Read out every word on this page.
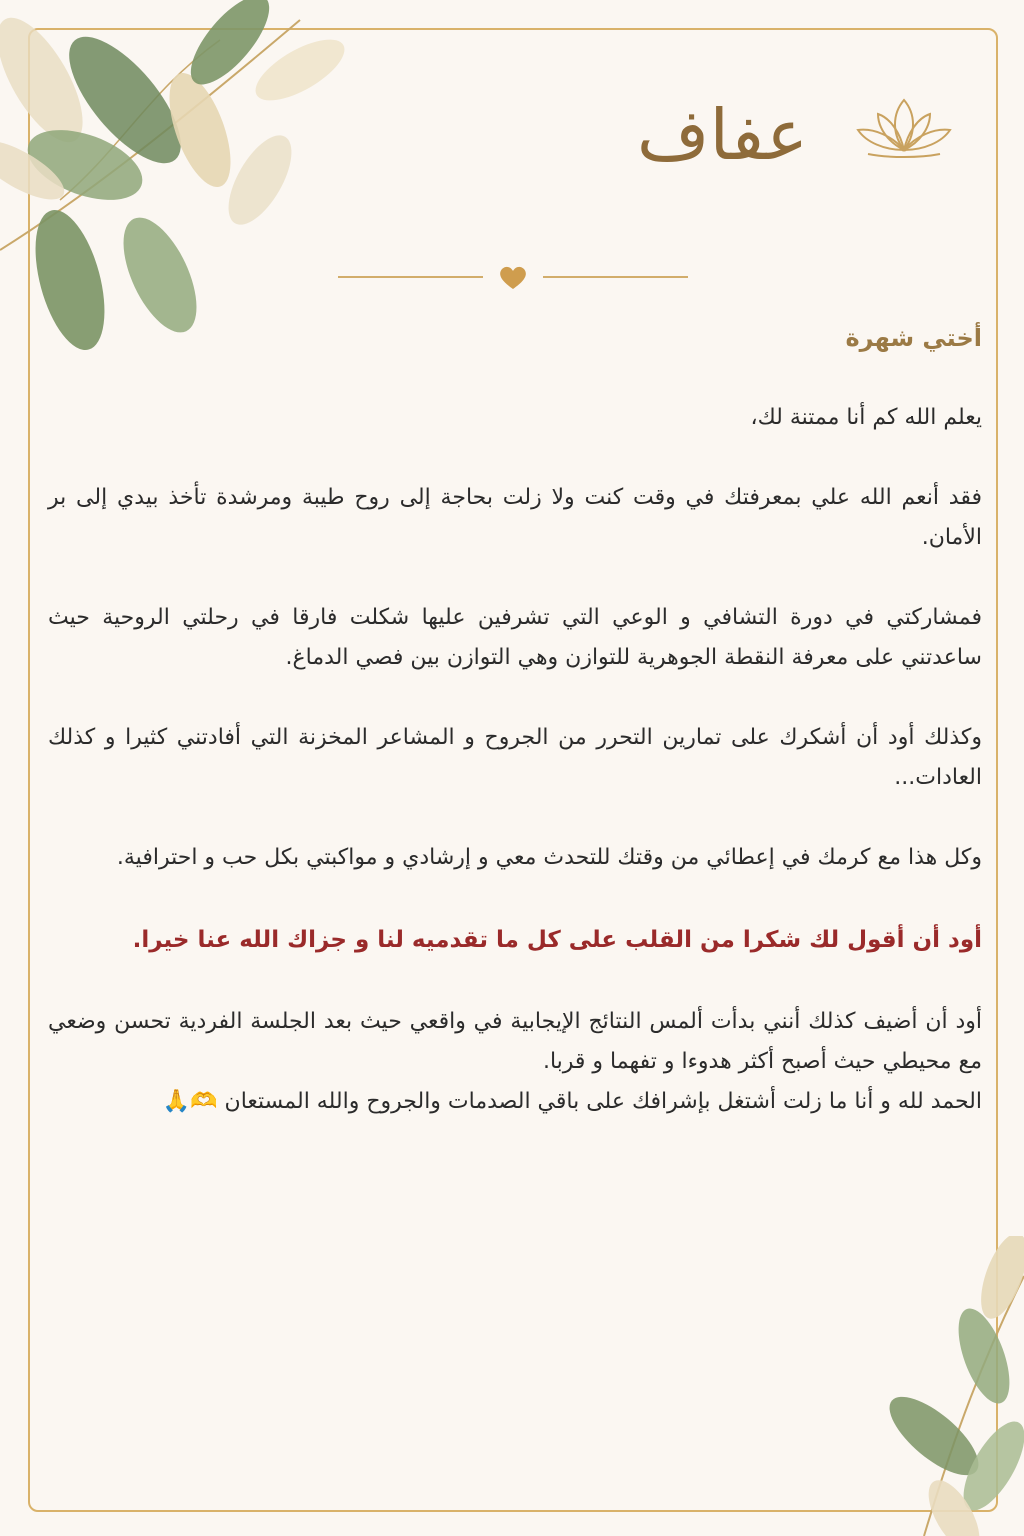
عفاف

أختي شهرة

يعلم الله كم أنا ممتنة لك،

فقد أنعم الله علي بمعرفتك في وقت كنت ولا زلت بحاجة إلى روح طيبة ومرشدة تأخذ بيدي إلى بر الأمان.

فمشاركتي في دورة التشافي و الوعي التي تشرفين عليها شكلت فارقا في رحلتي الروحية حيث ساعدتني على معرفة النقطة الجوهرية للتوازن وهي التوازن بين فصي الدماغ.

وكذلك أود أن أشكرك على تمارين التحرر من الجروح و المشاعر المخزنة التي أفادتني كثيرا و كذلك العادات...

وكل هذا مع كرمك في إعطائي من وقتك للتحدث معي و إرشادي و مواكبتي بكل حب و احترافية.

أود أن أقول لك شكرا من القلب على كل ما تقدميه لنا و جزاك الله عنا خيرا.

أود أن أضيف كذلك أنني بدأت ألمس النتائج الإيجابية في واقعي حيث بعد الجلسة الفردية تحسن وضعي مع محيطي حيث أصبح أكثر هدوءا و تفهما و قربا.

الحمد لله و أنا ما زلت أشتغل بإشرافك على باقي الصدمات والجروح والله المستعان 🫶🙏
